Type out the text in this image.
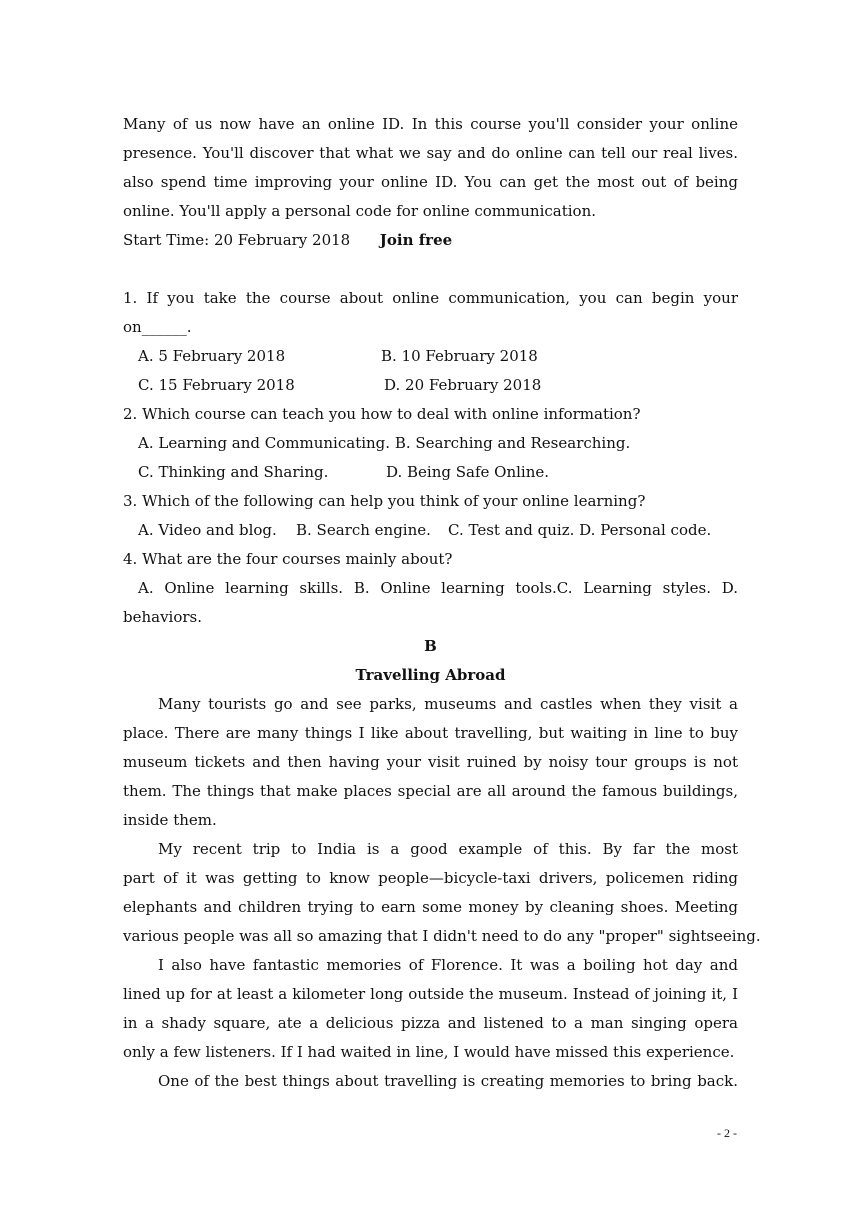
Many of us now have an online ID. In this course you'll consider your online
presence. You'll discover that what we say and do online can tell our real lives.
also spend time improving your online ID. You can get the most out of being
online. You'll apply a personal code for online communication.
Start Time: 20 February 2018 Join free
1. If you take the course about online communication, you can begin your
on______.
A. 5 February 2018	B. 10 February 2018
C. 15 February 2018	D. 20 February 2018
2. Which course can teach you how to deal with online information?
A. Learning and Communicating. B. Searching and Researching.
C. Thinking and Sharing.	D. Being Safe Online.
3. Which of the following can help you think of your online learning?
A. Video and blog. B. Search engine. C. Test and quiz. D. Personal code.
4. What are the four courses mainly about?
A. Online learning skills. B. Online learning tools.C. Learning styles. D.
behaviors.
B
Travelling Abroad
Many tourists go and see parks, museums and castles when they visit a
place. There are many things I like about travelling, but waiting in line to buy
museum tickets and then having your visit ruined by noisy tour groups is not
them. The things that make places special are all around the famous buildings,
inside them.
My recent trip to India is a good example of this. By far the most
part of it was getting to know people—bicycle-taxi drivers, policemen riding
elephants and children trying to earn some money by cleaning shoes. Meeting
various people was all so amazing that I didn't need to do any "proper" sightseeing.
I also have fantastic memories of Florence. It was a boiling hot day and
lined up for at least a kilometer long outside the museum. Instead of joining it, I
in a shady square, ate a delicious pizza and listened to a man singing opera
only a few listeners. If I had waited in line, I would have missed this experience.
One of the best things about travelling is creating memories to bring back.
- 2 -
